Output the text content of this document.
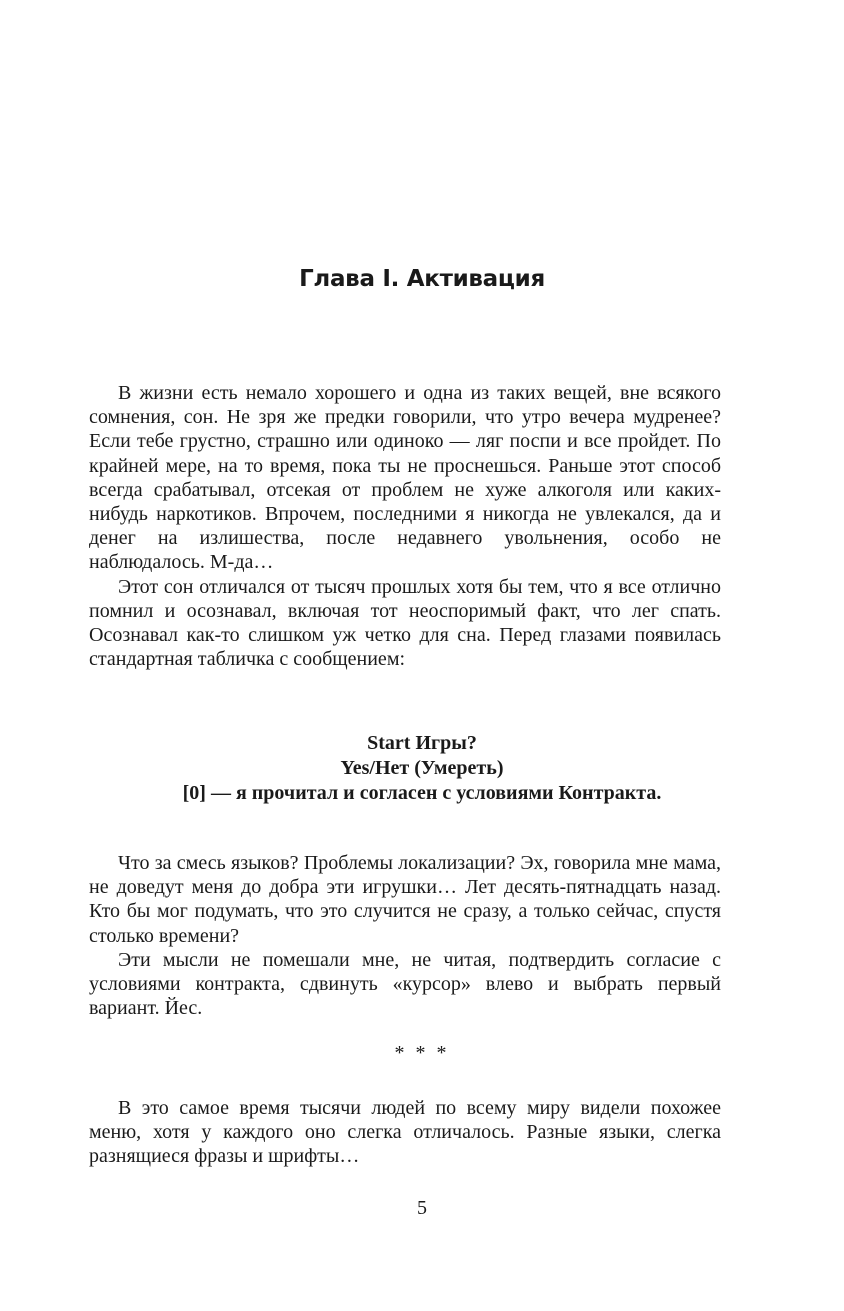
Глава I. Активация

В жизни есть немало хорошего и одна из таких вещей, вне всякого сомнения, сон. Не зря же предки говорили, что утро вечера мудренее? Если тебе грустно, страшно или одиноко — ляг поспи и все пройдет. По крайней мере, на то время, пока ты не проснешься. Раньше этот способ всегда срабатывал, отсекая от проблем не хуже алкоголя или каких-нибудь наркотиков. Впрочем, последними я никогда не увлекался, да и денег на излишества, после недавнего увольнения, особо не наблюдалось. М-да…

Этот сон отличался от тысяч прошлых хотя бы тем, что я все отлично помнил и осознавал, включая тот неоспоримый факт, что лег спать. Осознавал как-то слишком уж четко для сна. Перед глазами появилась стандартная табличка с сообщением:

Start Игры?
Yes/Нет (Умереть)
[0] — я прочитал и согласен с условиями Контракта.

Что за смесь языков? Проблемы локализации? Эх, говорила мне мама, не доведут меня до добра эти игрушки… Лет десять-пятнадцать назад. Кто бы мог подумать, что это случится не сразу, а только сейчас, спустя столько времени?

Эти мысли не помешали мне, не читая, подтвердить согласие с условиями контракта, сдвинуть «курсор» влево и выбрать первый вариант. Йес.

* * *

В это самое время тысячи людей по всему миру видели похожее меню, хотя у каждого оно слегка отличалось. Разные языки, слегка разнящиеся фразы и шрифты…

5
